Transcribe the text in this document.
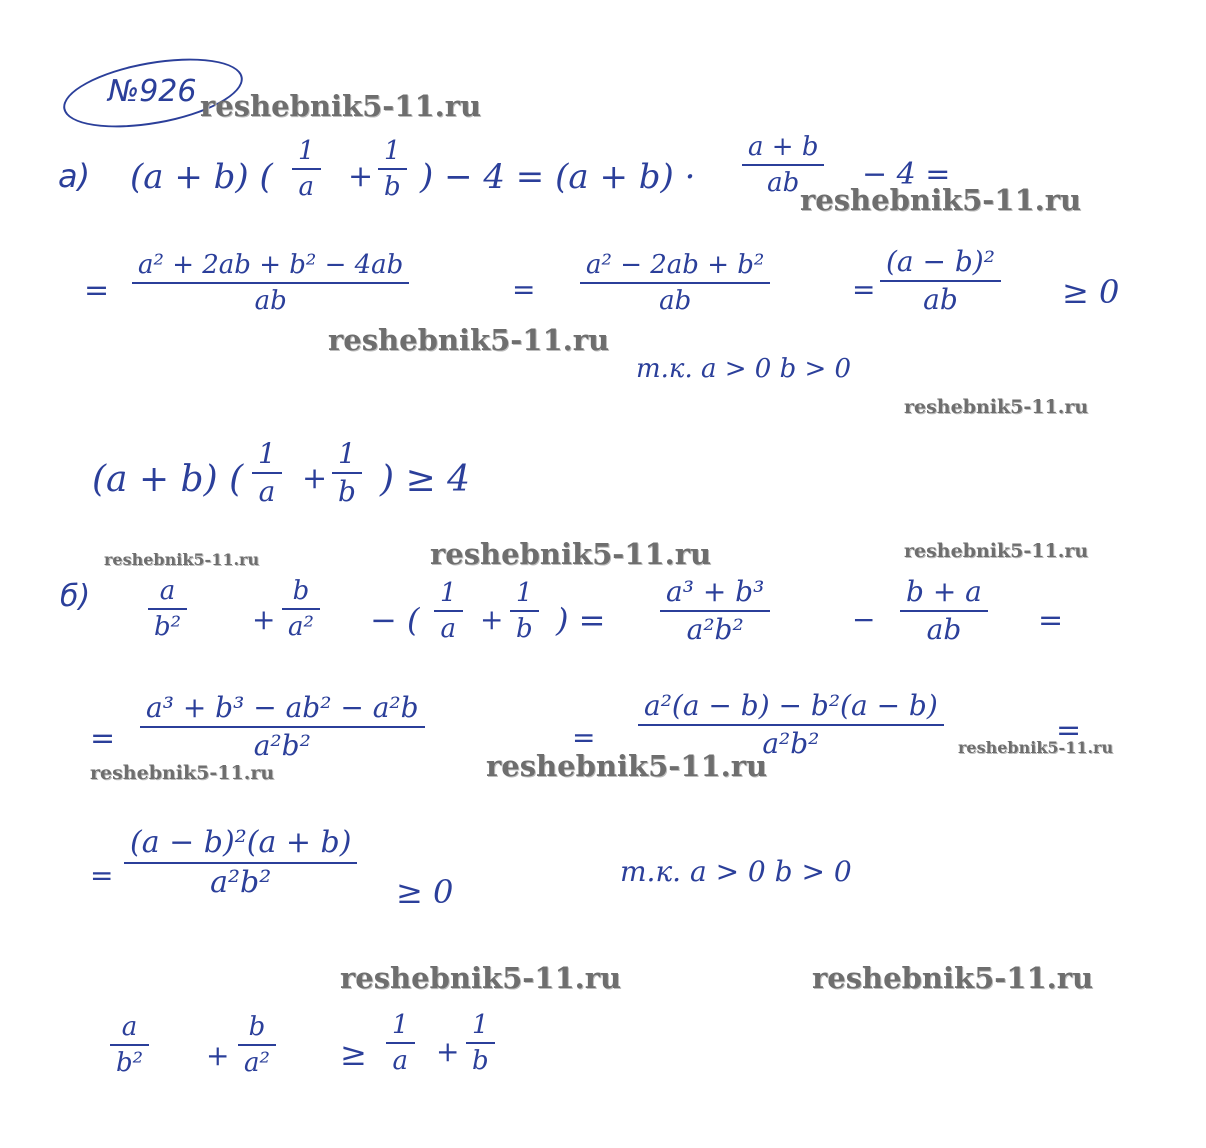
№926
а) (a + b) (
1
a +
1
b ) − 4 = (a + b) ·
a + b
ab − 4 =
=
a² + 2ab + b² − 4ab
ab	=
a² − 2ab + b²
ab	=
(a − b)²
ab	≥ 0
т.к. a > 0 b > 0
(a + b) (
1
a +
1
b ) ≥ 4
б)	a
b²	+
b
a² − (
1
a +
1
b ) =
a³ + b³
a²b²	−
b + a
ab	=
=
a³ + b³ − ab² − a²b
a²b²	=
a²(a − b) − b²(a − b)
a²b²	=
=
(a − b)²(a + b)
a²b²	≥ 0
т.к. a > 0 b > 0
a
b² +
b
a² ≥
1
a +
1
b
reshebnik5-11.ru
reshebnik5-11.ru
reshebnik5-11.ru
reshebnik5-11.ru
reshebnik5-11.ru	reshebnik5-11.ru	reshebnik5-11.ru
reshebnik5-11.ru	reshebnik5-11.ru
reshebnik5-11.ru
reshebnik5-11.ru	reshebnik5-11.ru
